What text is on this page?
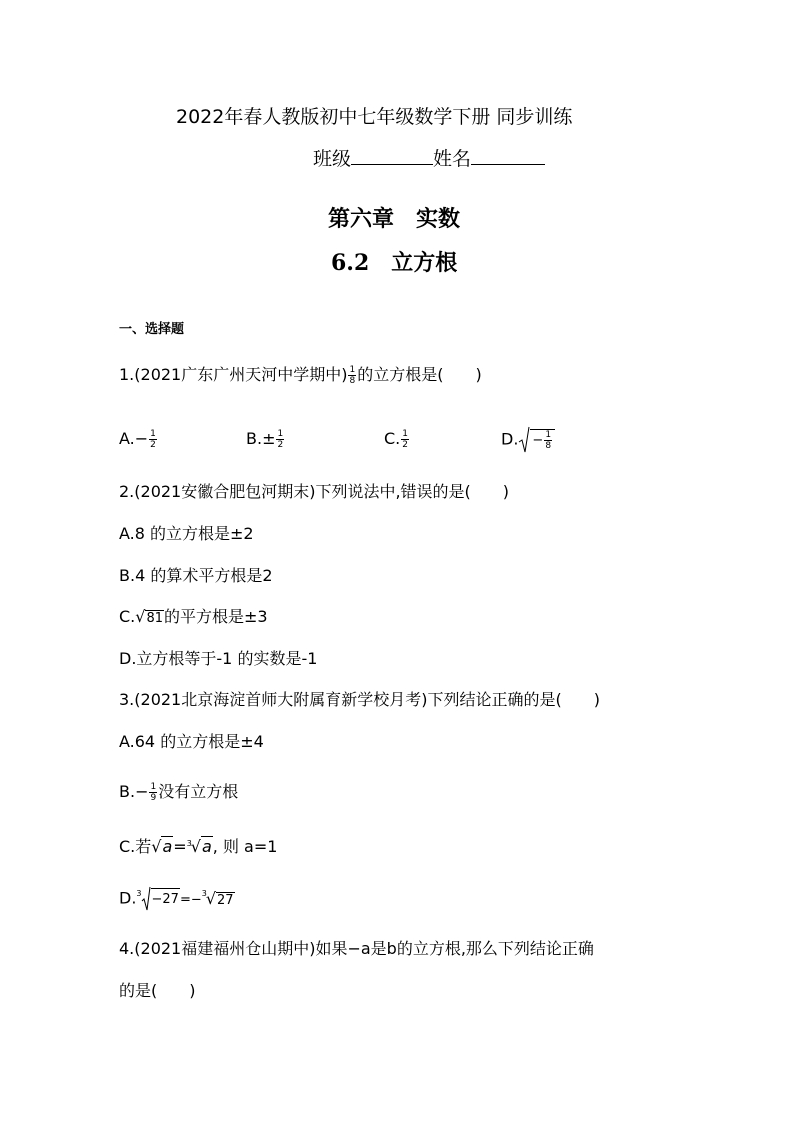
2022年春人教版初中七年级数学下册 同步训练
班级	姓名
第六章　实数
6.2　立方根
一、选择题
1.(2021广东广州天河中学期中) $\frac{1}{8}$ 的立方根是(　　)
$A.- \frac{1}{2}$	$B.\pm \frac{1}{2}$	C. $\frac{1}{2}$	D. − $\frac{1}{8}$
2.(2021安徽合肥包河期末)下列说法中,错误的是(　　)
A.8 的立方根是±2
B.4 的算术平方根是2
C.√81的平方根是±3
D.立方根等于-1 的实数是-1
3.(2021北京海淀首师大附属育新学校月考)下列结论正确的是(　　)
A.64 的立方根是±4
$B.- \frac{1}{9}$ 没有立方根
C.若√a=$^3$√a, 则 a=1
D.$^3$ −27 =−$^3$√27
4.(2021福建福州仓山期中)如果−a是b的立方根,那么下列结论正确
的是(　　)
